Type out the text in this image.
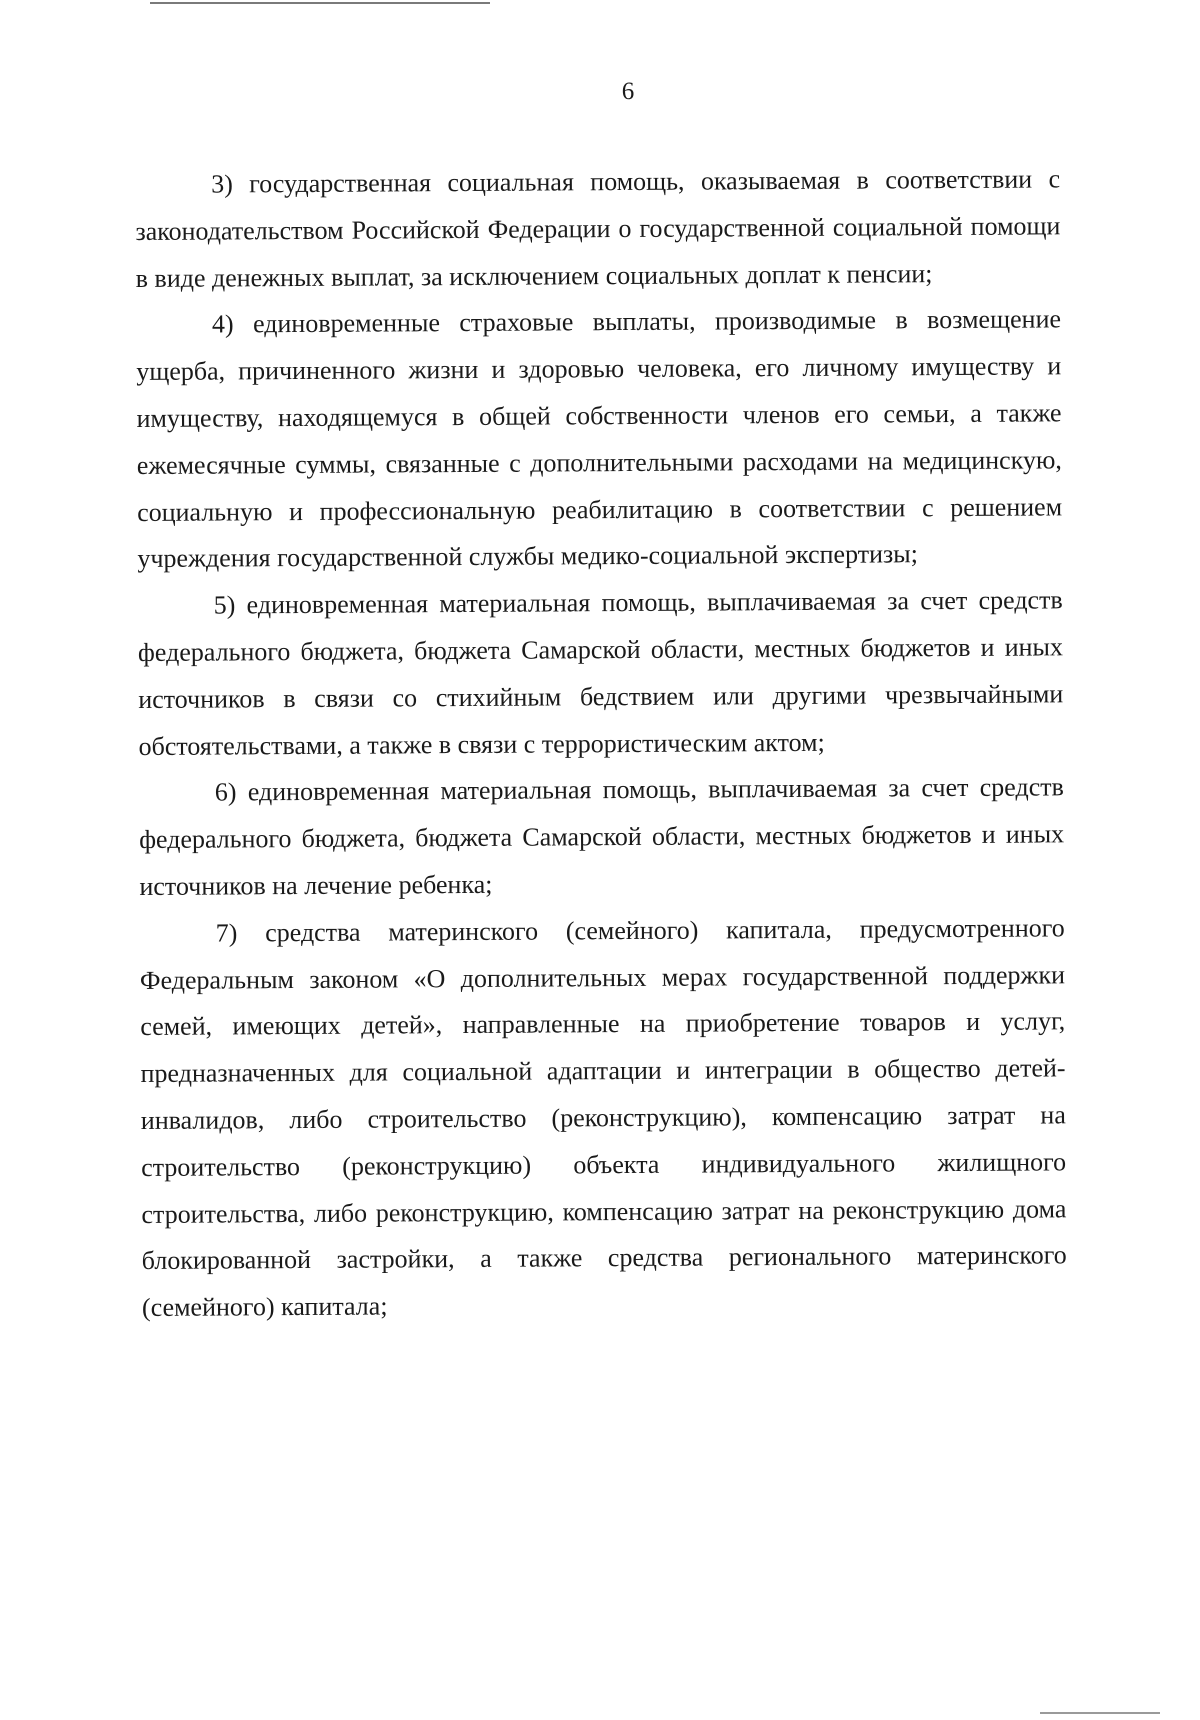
6

3) государственная социальная помощь, оказываемая в соответствии с законодательством Российской Федерации о государственной социальной помощи в виде денежных выплат, за исключением социальных доплат к пенсии;

4) единовременные страховые выплаты, производимые в возмещение ущерба, причиненного жизни и здоровью человека, его личному имуществу и имуществу, находящемуся в общей собственности членов его семьи, а также ежемесячные суммы, связанные с дополнительными расходами на медицинскую, социальную и профессиональную реабилитацию в соответствии с решением учреждения государственной службы медико-социальной экспертизы;

5) единовременная материальная помощь, выплачиваемая за счет средств федерального бюджета, бюджета Самарской области, местных бюджетов и иных источников в связи со стихийным бедствием или другими чрезвычайными обстоятельствами, а также в связи с террористическим актом;

6) единовременная материальная помощь, выплачиваемая за счет средств федерального бюджета, бюджета Самарской области, местных бюджетов и иных источников на лечение ребенка;

7) средства материнского (семейного) капитала, предусмотренного Федеральным законом «О дополнительных мерах государственной поддержки семей, имеющих детей», направленные на приобретение товаров и услуг, предназначенных для социальной адаптации и интеграции в общество детей-инвалидов, либо строительство (реконструкцию), компенсацию затрат на строительство (реконструкцию) объекта индивидуального жилищного строительства, либо реконструкцию, компенсацию затрат на реконструкцию дома блокированной застройки, а также средства регионального материнского (семейного) капитала;
